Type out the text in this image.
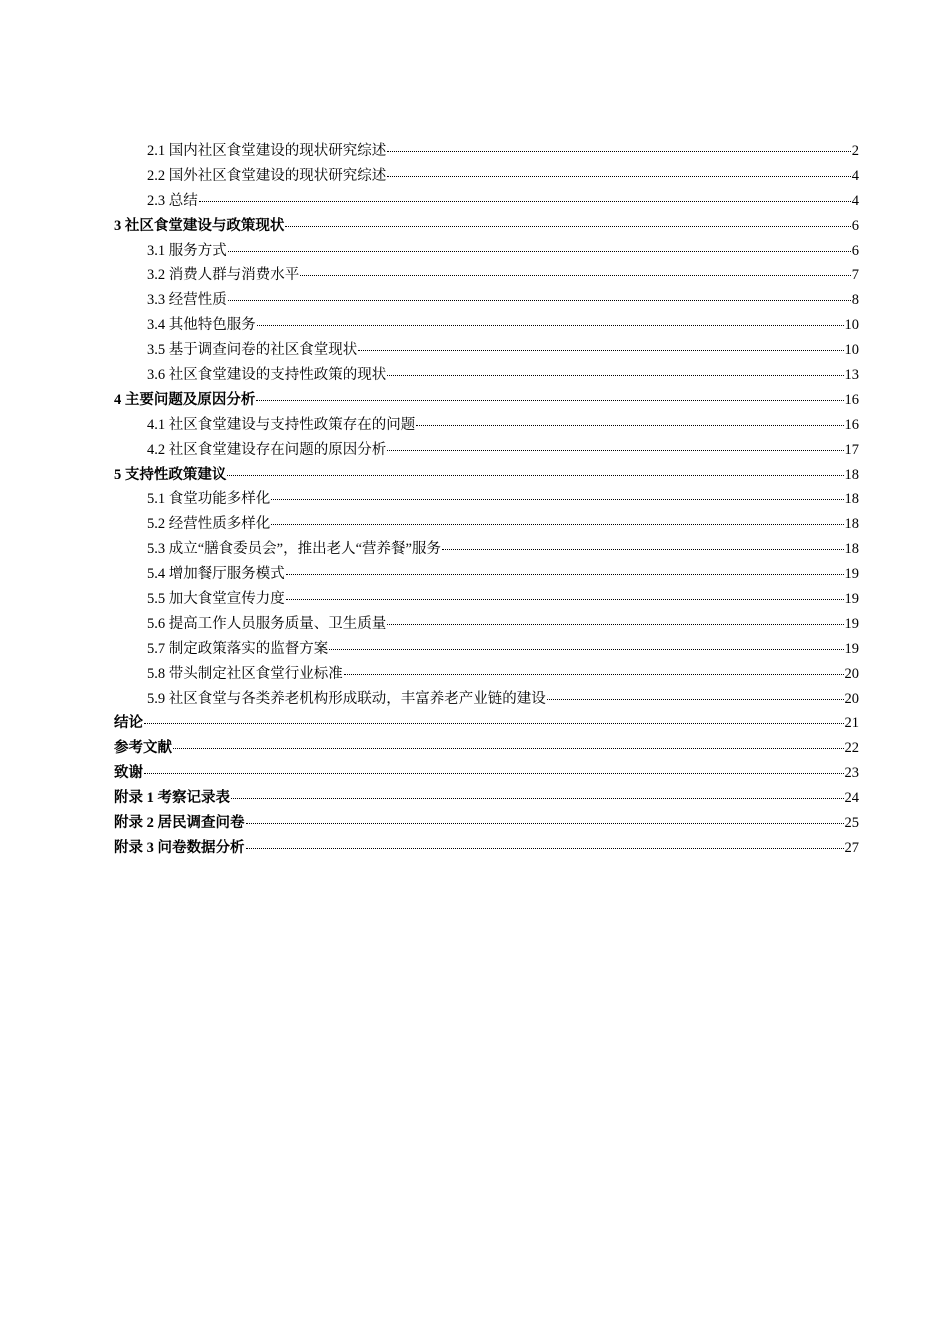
2.1 国内社区食堂建设的现状研究综述	2
2.2 国外社区食堂建设的现状研究综述	4
2.3 总结	4
3 社区食堂建设与政策现状	6
3.1 服务方式	6
3.2 消费人群与消费水平	7
3.3 经营性质	8
3.4 其他特色服务	10
3.5 基于调查问卷的社区食堂现状	10
3.6 社区食堂建设的支持性政策的现状	13
4 主要问题及原因分析	16
4.1 社区食堂建设与支持性政策存在的问题	16
4.2 社区食堂建设存在问题的原因分析	17
5 支持性政策建议	18
5.1 食堂功能多样化	18
5.2 经营性质多样化	18
5.3 成立“膳食委员会”，推出老人“营养餐”服务	18
5.4 增加餐厅服务模式	19
5.5 加大食堂宣传力度	19
5.6 提高工作人员服务质量、卫生质量	19
5.7 制定政策落实的监督方案	19
5.8 带头制定社区食堂行业标准	20
5.9 社区食堂与各类养老机构形成联动，丰富养老产业链的建设	20
结论	21
参考文献	22
致谢	23
附录 1 考察记录表	24
附录 2 居民调查问卷	25
附录 3 问卷数据分析	27
